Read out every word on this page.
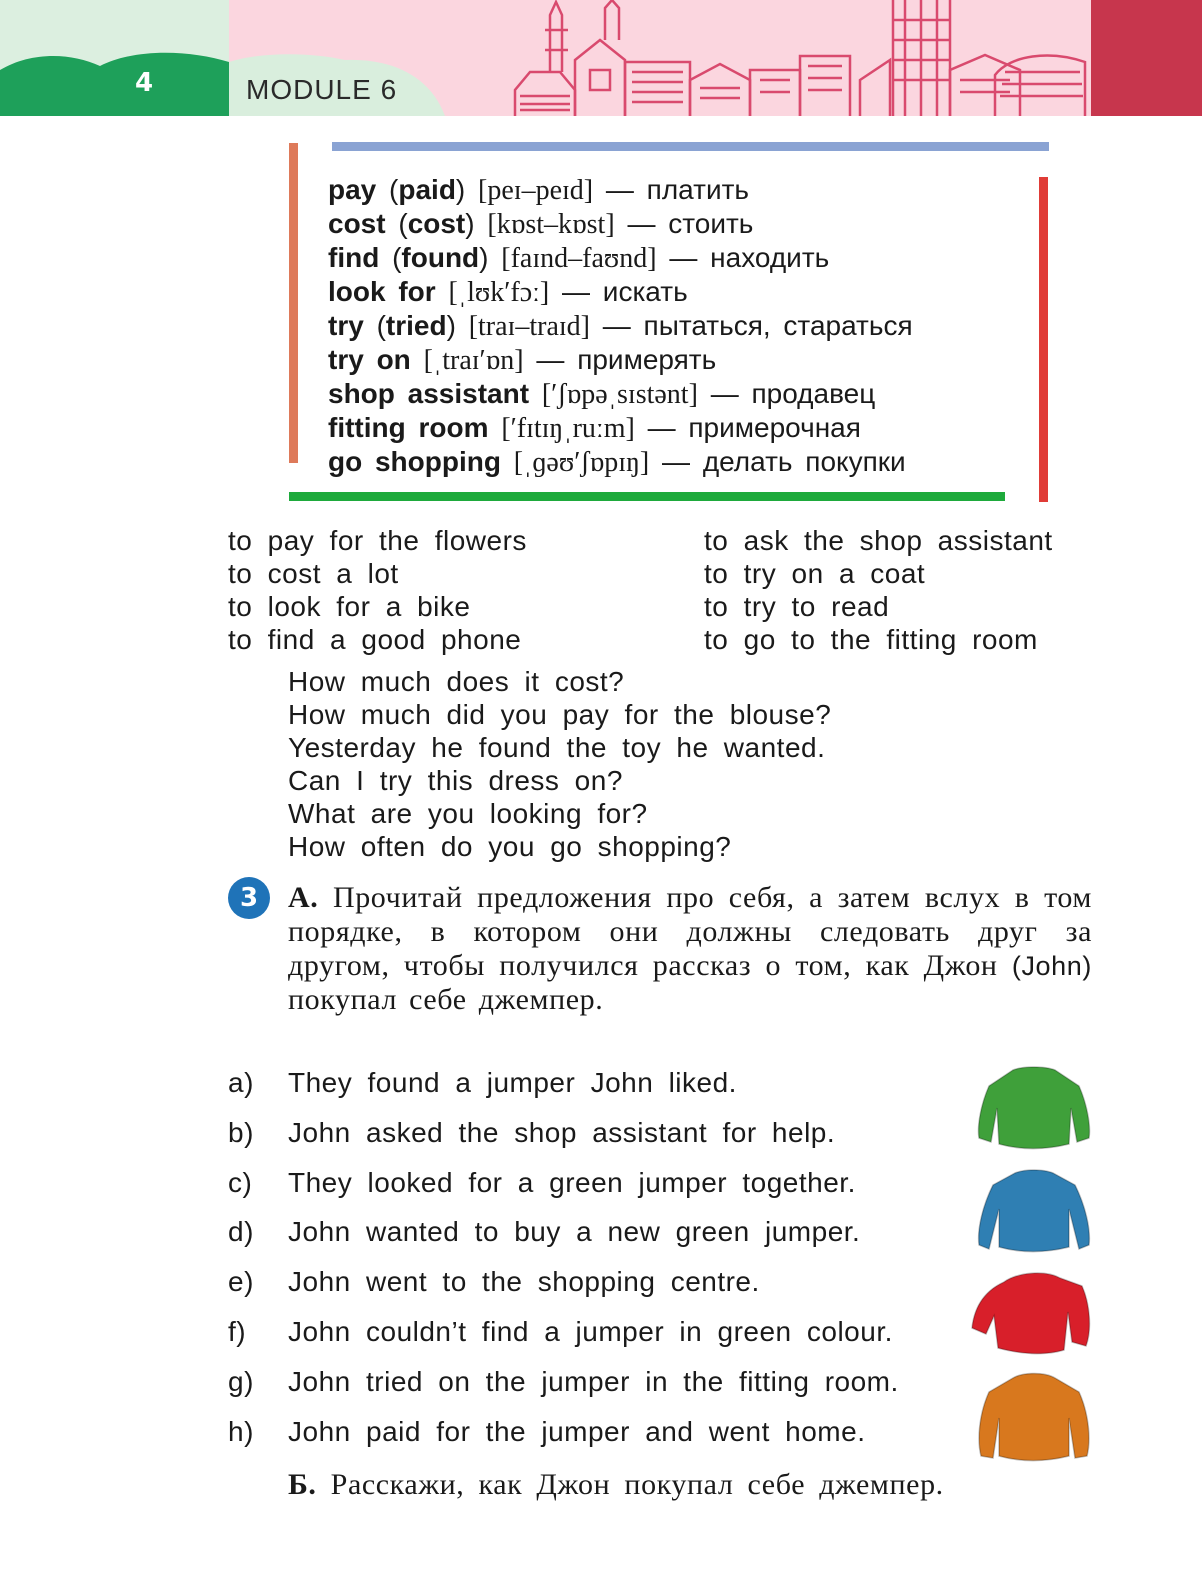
4	MODULE 6
pay (paid) [peɪ–peɪd] — платить
cost (cost) [kɒst–kɒst] — стоить
find (found) [faɪnd–faʊnd] — находить
look for [ˌlʊk′fɔː] — искать
try (tried) [traɪ–traɪd] — пытаться, стараться
try on [ˌtraɪ′ɒn] — примерять
shop assistant [′ʃɒpəˌsɪstənt] — продавец
fitting room [′fɪtɪŋˌruːm] — примерочная
go shopping [ˌɡəʊ′ʃɒpɪŋ] — делать покупки
to pay for the flowers
to cost a lot
to look for a bike
to find a good phone
to ask the shop assistant
to try on a coat
to try to read
to go to the fitting room
How much does it cost?
How much did you pay for the blouse?
Yesterday he found the toy he wanted.
Can I try this dress on?
What are you looking for?
How often do you go shopping?
3 А. Прочитай предложения про себя, а затем вслух в том порядке, в котором они должны следовать друг за другом, чтобы получился рассказ о том, как Джон (John) покупал себе джемпер.
a) They found a jumper John liked.
b) John asked the shop assistant for help.
c) They looked for a green jumper together.
d) John wanted to buy a new green jumper.
e) John went to the shopping centre.
f) John couldn’t find a jumper in green colour.
g) John tried on the jumper in the fitting room.
h) John paid for the jumper and went home.
Б. Расскажи, как Джон покупал себе джемпер.
